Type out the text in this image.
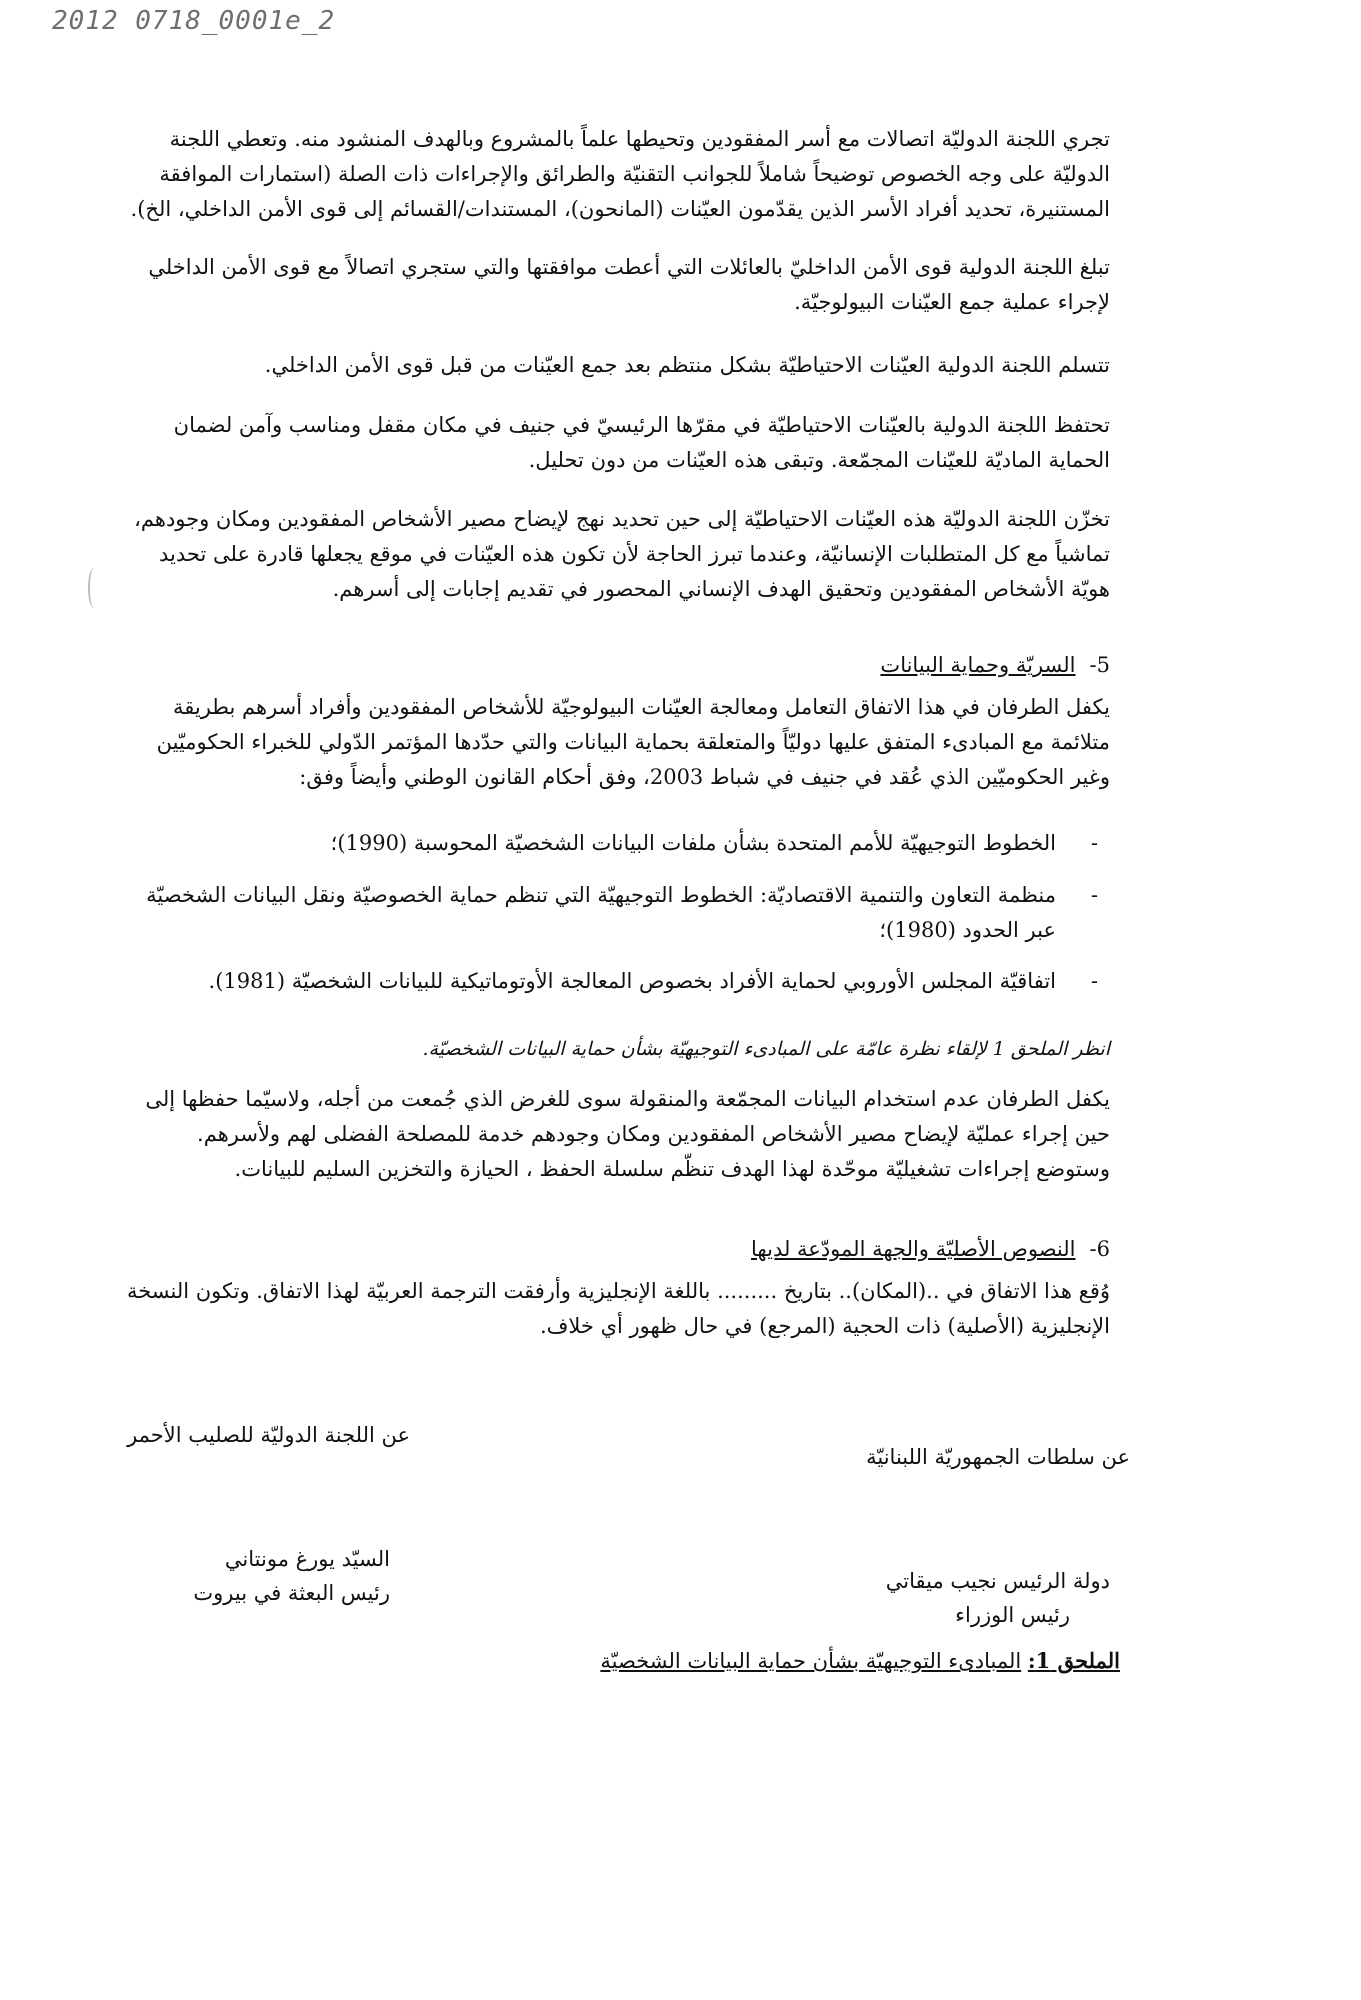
2012 0718_0001e_2
تجري اللجنة الدوليّة اتصالات مع أسر المفقودين وتحيطها علماً بالمشروع وبالهدف المنشود منه. وتعطي اللجنة الدوليّة على وجه الخصوص توضيحاً شاملاً للجوانب التقنيّة والطرائق والإجراءات ذات الصلة (استمارات الموافقة المستنيرة، تحديد أفراد الأسر الذين يقدّمون العيّنات (المانحون)، المستندات/القسائم إلى قوى الأمن الداخلي، الخ).
تبلغ اللجنة الدولية قوى الأمن الداخليّ بالعائلات التي أعطت موافقتها والتي ستجري اتصالاً مع قوى الأمن الداخلي لإجراء عملية جمع العيّنات البيولوجيّة.
تتسلم اللجنة الدولية العيّنات الاحتياطيّة بشكل منتظم بعد جمع العيّنات من قبل قوى الأمن الداخلي.
تحتفظ اللجنة الدولية بالعيّنات الاحتياطيّة في مقرّها الرئيسيّ في جنيف في مكان مقفل ومناسب وآمن لضمان الحماية الماديّة للعيّنات المجمّعة. وتبقى هذه العيّنات من دون تحليل.
تخزّن اللجنة الدوليّة هذه العيّنات الاحتياطيّة إلى حين تحديد نهج لإيضاح مصير الأشخاص المفقودين ومكان وجودهم، تماشياً مع كل المتطلبات الإنسانيّة، وعندما تبرز الحاجة لأن تكون هذه العيّنات في موقع يجعلها قادرة على تحديد هويّة الأشخاص المفقودين وتحقيق الهدف الإنساني المحصور في تقديم إجابات إلى أسرهم.
5-السريّة وحماية البيانات
يكفل الطرفان في هذا الاتفاق التعامل ومعالجة العيّنات البيولوجيّة للأشخاص المفقودين وأفراد أسرهم بطريقة متلائمة مع المبادىء المتفق عليها دوليّاً والمتعلقة بحماية البيانات والتي حدّدها المؤتمر الدّولي للخبراء الحكوميّين وغير الحكوميّين الذي عُقد في جنيف في شباط 2003، وفق أحكام القانون الوطني وأيضاً وفق:
-
الخطوط التوجيهيّة للأمم المتحدة بشأن ملفات البيانات الشخصيّة المحوسبة (1990)؛
-
منظمة التعاون والتنمية الاقتصاديّة: الخطوط التوجيهيّة التي تنظم حماية الخصوصيّة ونقل البيانات الشخصيّة عبر الحدود (1980)؛
-
اتفاقيّة المجلس الأوروبي لحماية الأفراد بخصوص المعالجة الأوتوماتيكية للبيانات الشخصيّة (1981).
انظر الملحق 1 لإلقاء نظرة عامّة على المبادىء التوجيهيّة بشأن حماية البيانات الشخصيّة.
يكفل الطرفان عدم استخدام البيانات المجمّعة والمنقولة سوى للغرض الذي جُمعت من أجله، ولاسيّما حفظها إلى حين إجراء عمليّة لإيضاح مصير الأشخاص المفقودين ومكان وجودهم خدمة للمصلحة الفضلى لهم ولأسرهم. وستوضع إجراءات تشغيليّة موحّدة لهذا الهدف تنظّم سلسلة الحفظ ، الحيازة والتخزين السليم للبيانات.
6-النصوص الأصليّة والجهة المودّعة لديها
وُقع هذا الاتفاق في ..(المكان).. بتاريخ ......... باللغة الإنجليزية وأرفقت الترجمة العربيّة لهذا الاتفاق. وتكون النسخة الإنجليزية (الأصلية) ذات الحجية (المرجع) في حال ظهور أي خلاف.
عن اللجنة الدوليّة للصليب الأحمر
عن سلطات الجمهوريّة اللبنانيّة
السيّد يورغ مونتاني
رئيس البعثة في بيروت	دولة الرئيس نجيب ميقاتي
رئيس الوزراء
الملحق 1: المبادىء التوجيهيّة بشأن حماية البيانات الشخصيّة
